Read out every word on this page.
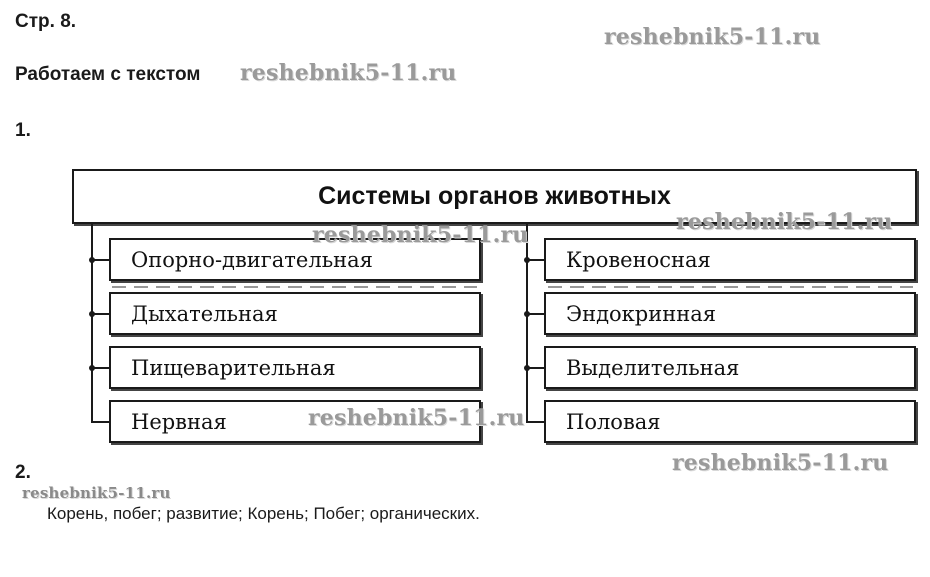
Стр. 8.
Работаем с текстом
1.
Системы органов животных
Опорно-двигательная
Дыхательная
Пищеварительная
Нервная
Кровеносная
Эндокринная
Выделительная
Половая
2.
Корень, побег; развитие; Корень; Побег; органических.
reshebnik5-11.ru
reshebnik5-11.ru
reshebnik5-11.ru
reshebnik5-11.ru
reshebnik5-11.ru
reshebnik5-11.ru
reshebnik5-11.ru
